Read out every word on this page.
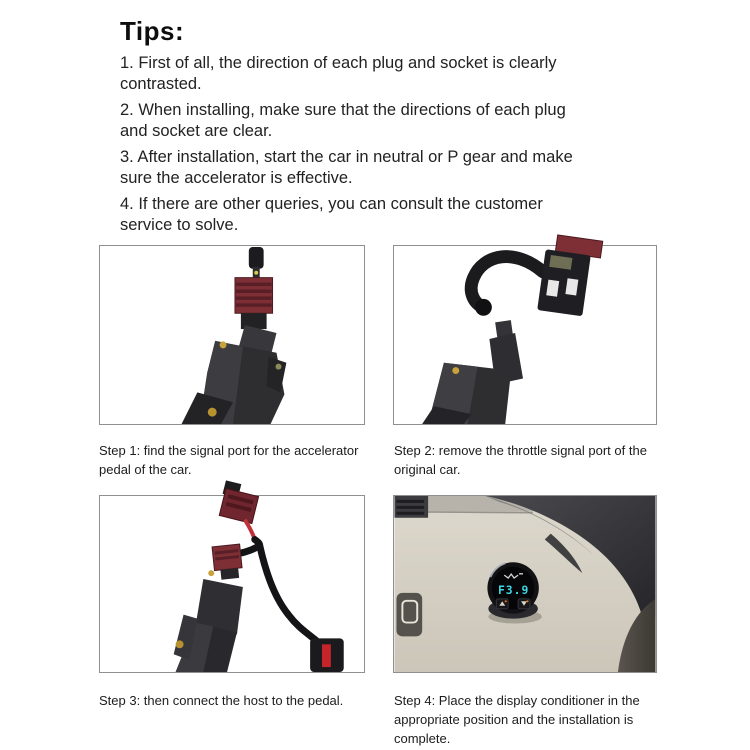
Tips:

1. First of all, the direction of each plug and socket is clearly
contrasted.

2. When installing, make sure that the directions of each plug
and socket are clear.

3. After installation, start the car in neutral or P gear and make
sure the accelerator is effective.

4. If there are other queries, you can consult the customer
service to solve.

Step 1: find the signal port for the accelerator
pedal of the car.
Step 2: remove the throttle signal port of the
original car.
F3.9
Step 3: then connect the host to the pedal.	Step 4: Place the display conditioner in the
appropriate position and the installation is
complete.
